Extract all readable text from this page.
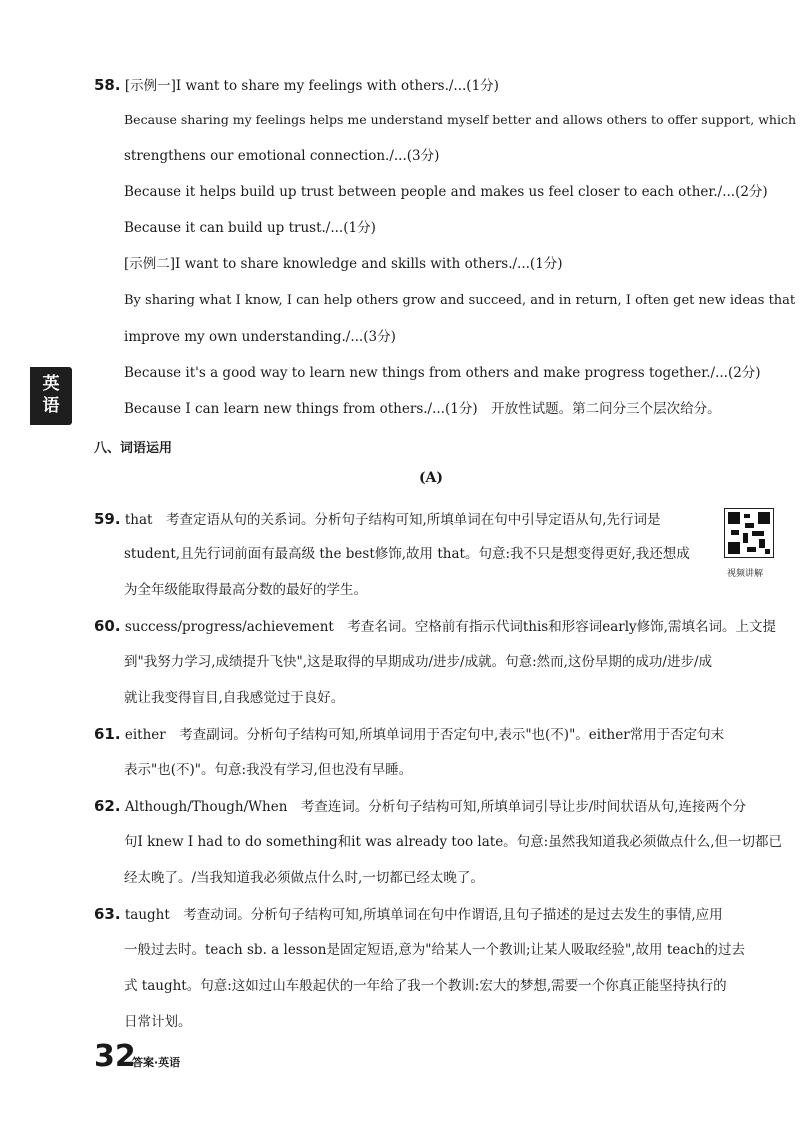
英
语
58. [示例一]I want to share my feelings with others./...(1分)
Because sharing my feelings helps me understand myself better and allows others to offer support, which
strengthens our emotional connection./...(3分)
Because it helps build up trust between people and makes us feel closer to each other./...(2分)
Because it can build up trust./...(1分)
[示例二]I want to share knowledge and skills with others./...(1分)
By sharing what I know, I can help others grow and succeed, and in return, I often get new ideas that
improve my own understanding./...(3分)
Because it's a good way to learn new things from others and make progress together./...(2分)
Because I can learn new things from others./...(1分)　开放性试题。第二问分三个层次给分。
八、词语运用
(A)
视频讲解
59. that　考查定语从句的关系词。分析句子结构可知,所填单词在句中引导定语从句,先行词是
student,且先行词前面有最高级 the best修饰,故用 that。句意:我不只是想变得更好,我还想成
为全年级能取得最高分数的最好的学生。
60. success/progress/achievement　考查名词。空格前有指示代词this和形容词early修饰,需填名词。上文提
到"我努力学习,成绩提升飞快",这是取得的早期成功/进步/成就。句意:然而,这份早期的成功/进步/成
就让我变得盲目,自我感觉过于良好。
61. either　考查副词。分析句子结构可知,所填单词用于否定句中,表示"也(不)"。either常用于否定句末
表示"也(不)"。句意:我没有学习,但也没有早睡。
62. Although/Though/When　考查连词。分析句子结构可知,所填单词引导让步/时间状语从句,连接两个分
句I knew I had to do something和it was already too late。句意:虽然我知道我必须做点什么,但一切都已
经太晚了。/当我知道我必须做点什么时,一切都已经太晚了。
63. taught　考查动词。分析句子结构可知,所填单词在句中作谓语,且句子描述的是过去发生的事情,应用
一般过去时。teach sb. a lesson是固定短语,意为"给某人一个教训;让某人吸取经验",故用 teach的过去
式 taught。句意:这如过山车般起伏的一年给了我一个教训:宏大的梦想,需要一个你真正能坚持执行的
日常计划。
32
答案·英语
